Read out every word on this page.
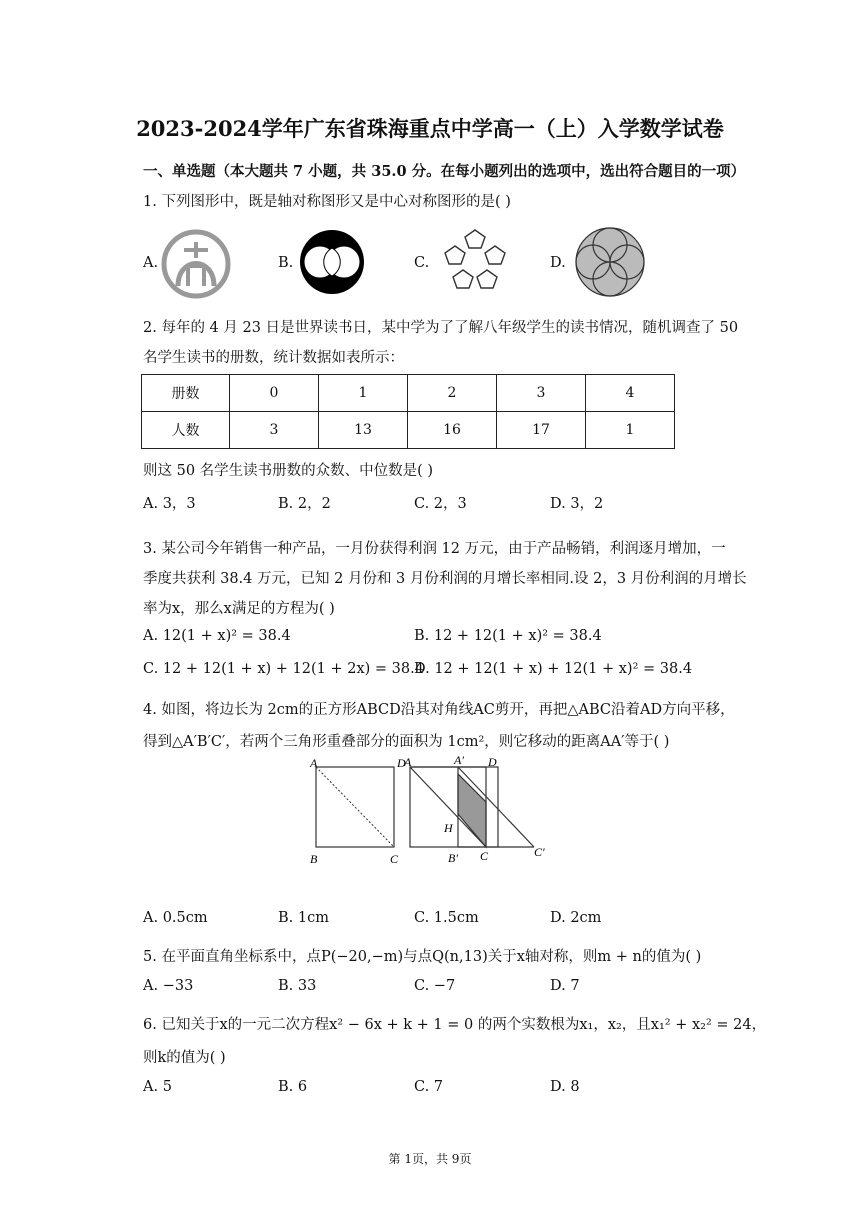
2023-2024学年广东省珠海重点中学高一（上）入学数学试卷
一、单选题（本大题共 7 小题，共 35.0 分。在每小题列出的选项中，选出符合题目的一项）
1. 下列图形中，既是轴对称图形又是中心对称图形的是( )
A.	B.	C.	D.
2. 每年的 4 月 23 日是世界读书日，某中学为了了解八年级学生的读书情况，随机调查了 50
名学生读书的册数，统计数据如表所示：
册数	0	1	2	3	4
人数	3	13	16	17	1
则这 50 名学生读书册数的众数、中位数是( )
A. 3，3	B. 2，2	C. 2，3	D. 3，2
3. 某公司今年销售一种产品，一月份获得利润 12 万元，由于产品畅销，利润逐月增加，一
季度共获利 38.4 万元，已知 2 月份和 3 月份利润的月增长率相同.设 2，3 月份利润的月增长
率为x，那么x满足的方程为( )
A. 12(1 + x)² = 38.4	B. 12 + 12(1 + x)² = 38.4
C. 12 + 12(1 + x) + 12(1 + 2x) = 38.4
D. 12 + 12(1 + x) + 12(1 + x)² = 38.4
4. 如图，将边长为 2cm的正方形ABCD沿其对角线AC剪开，再把△ABC沿着AD方向平移，
得到△A′B′C′，若两个三角形重叠部分的面积为 1cm²，则它移动的距离AA′等于( )
A	D
B	C
A	A′ D
H
B′ C	C′
A. 0.5cm	B. 1cm	C. 1.5cm	D. 2cm
5. 在平面直角坐标系中，点P(−20,−m)与点Q(n,13)关于x轴对称，则m + n的值为( )
A. −33	B. 33	C. −7	D. 7
6. 已知关于x的一元二次方程x² − 6x + k + 1 = 0 的两个实数根为x₁，x₂，且x₁² + x₂² = 24，
则k的值为( )
A. 5	B. 6	C. 7	D. 8
第 1页，共 9页
